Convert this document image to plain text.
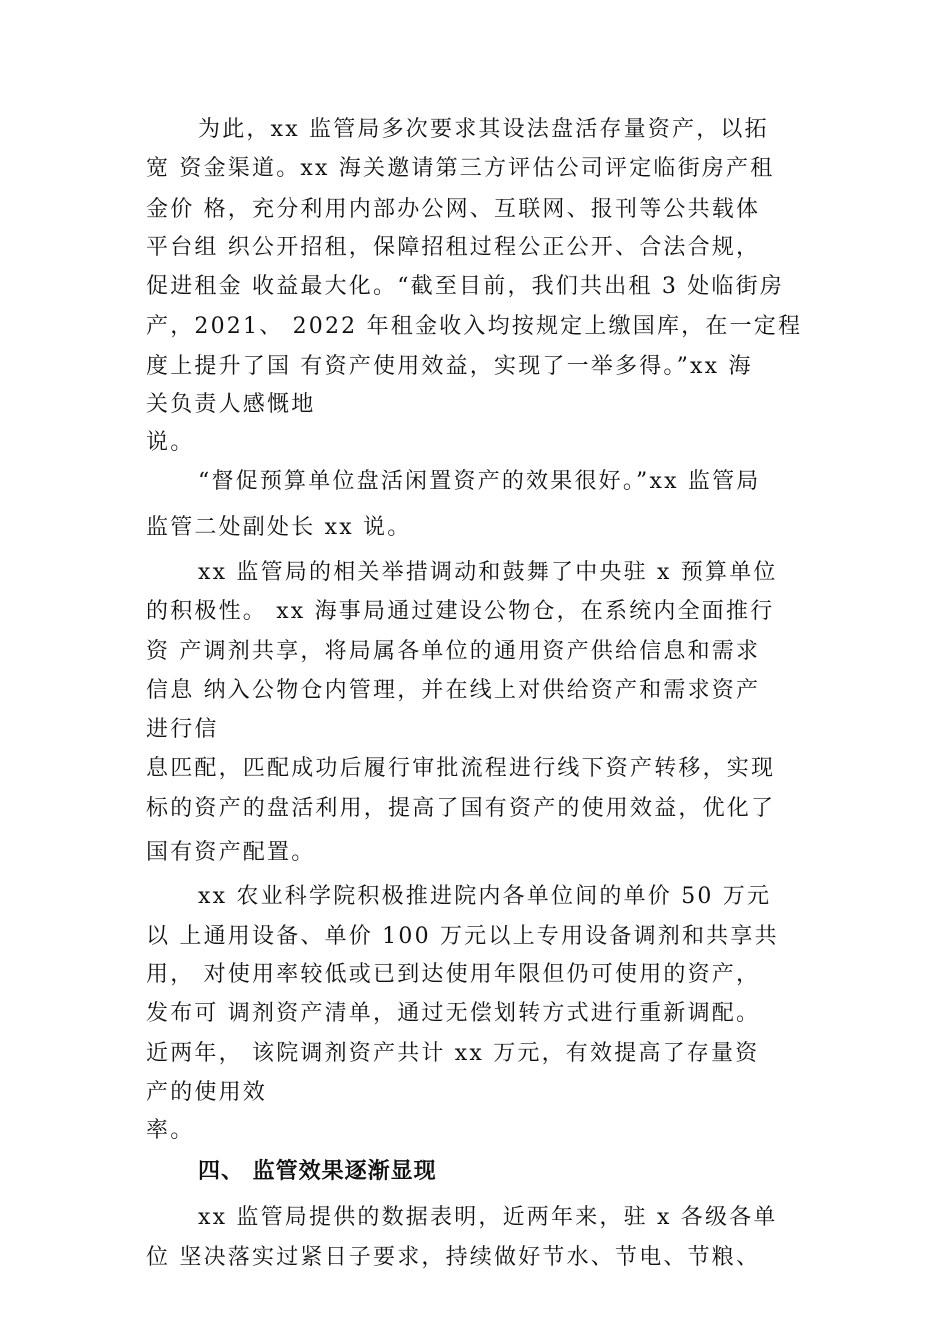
为此，xx 监管局多次要求其设法盘活存量资产，以拓
宽 资金渠道。xx 海关邀请第三方评估公司评定临街房产租
金价 格，充分利用内部办公网、互联网、报刊等公共载体
平台组 织公开招租，保障招租过程公正公开、合法合规，
促进租金 收益最大化。“截至目前，我们共出租 3 处临街房
产，2021、 2022 年租金收入均按规定上缴国库，在一定程
度上提升了国 有资产使用效益，实现了一举多得。”xx 海
关负责人感慨地
说。
“督促预算单位盘活闲置资产的效果很好。”xx 监管局
监管二处副处长 xx 说。
xx 监管局的相关举措调动和鼓舞了中央驻 x 预算单位
的积极性。 xx 海事局通过建设公物仓，在系统内全面推行
资 产调剂共享，将局属各单位的通用资产供给信息和需求
信息 纳入公物仓内管理，并在线上对供给资产和需求资产
进行信
息匹配，匹配成功后履行审批流程进行线下资产转移，实现
标的资产的盘活利用，提高了国有资产的使用效益，优化了
国有资产配置。
xx 农业科学院积极推进院内各单位间的单价 50 万元
以 上通用设备、单价 100 万元以上专用设备调剂和共享共
用， 对使用率较低或已到达使用年限但仍可使用的资产，
发布可 调剂资产清单，通过无偿划转方式进行重新调配。
近两年， 该院调剂资产共计 xx 万元，有效提高了存量资
产的使用效
率。
四、 监管效果逐渐显现
xx 监管局提供的数据表明，近两年来，驻 x 各级各单
位 坚决落实过紧日子要求，持续做好节水、节电、节粮、
